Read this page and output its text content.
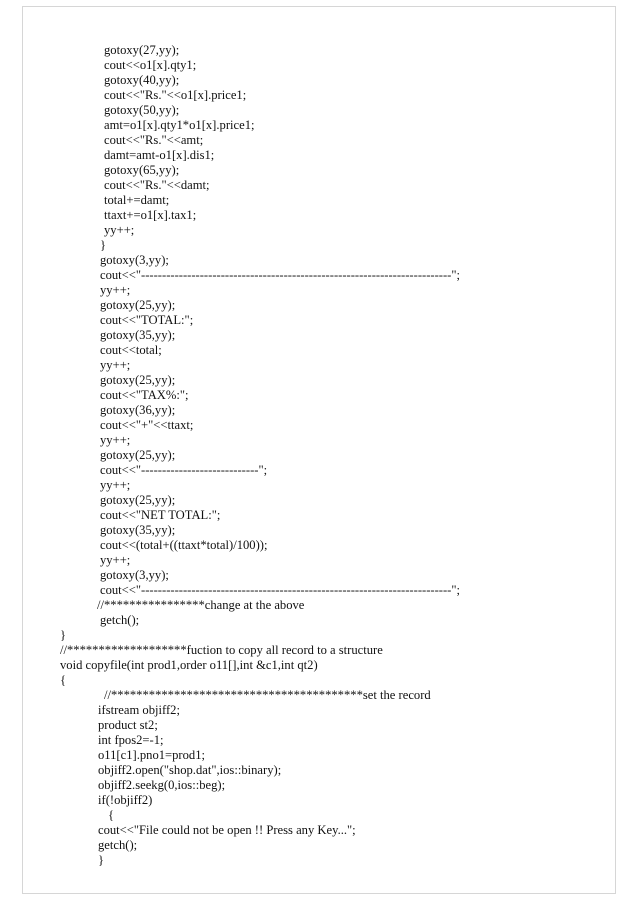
gotoxy(27,yy);
cout<<o1[x].qty1;
gotoxy(40,yy);
cout<<"Rs."<<o1[x].price1;
gotoxy(50,yy);
amt=o1[x].qty1*o1[x].price1;
cout<<"Rs."<<amt;
damt=amt-o1[x].dis1;
gotoxy(65,yy);
cout<<"Rs."<<damt;
total+=damt;
ttaxt+=o1[x].tax1;
yy++;
}
gotoxy(3,yy);
cout<<"--------------------------------------------------------------------------";
yy++;
gotoxy(25,yy);
cout<<"TOTAL:";
gotoxy(35,yy);
cout<<total;
yy++;
gotoxy(25,yy);
cout<<"TAX%:";
gotoxy(36,yy);
cout<<"+"<<ttaxt;
yy++;
gotoxy(25,yy);
cout<<"----------------------------";
yy++;
gotoxy(25,yy);
cout<<"NET TOTAL:";
gotoxy(35,yy);
cout<<(total+((ttaxt*total)/100));
yy++;
gotoxy(3,yy);
cout<<"--------------------------------------------------------------------------";
//****************change at the above
getch();
}
//*******************fuction to copy all record to a structure
void copyfile(int prod1,order o11[],int &c1,int qt2)
{
//****************************************set the record
ifstream objiff2;
product st2;
int fpos2=-1;
o11[c1].pno1=prod1;
objiff2.open("shop.dat",ios::binary);
objiff2.seekg(0,ios::beg);
if(!objiff2)
{
cout<<"File could not be open !! Press any Key...";
getch();
}
